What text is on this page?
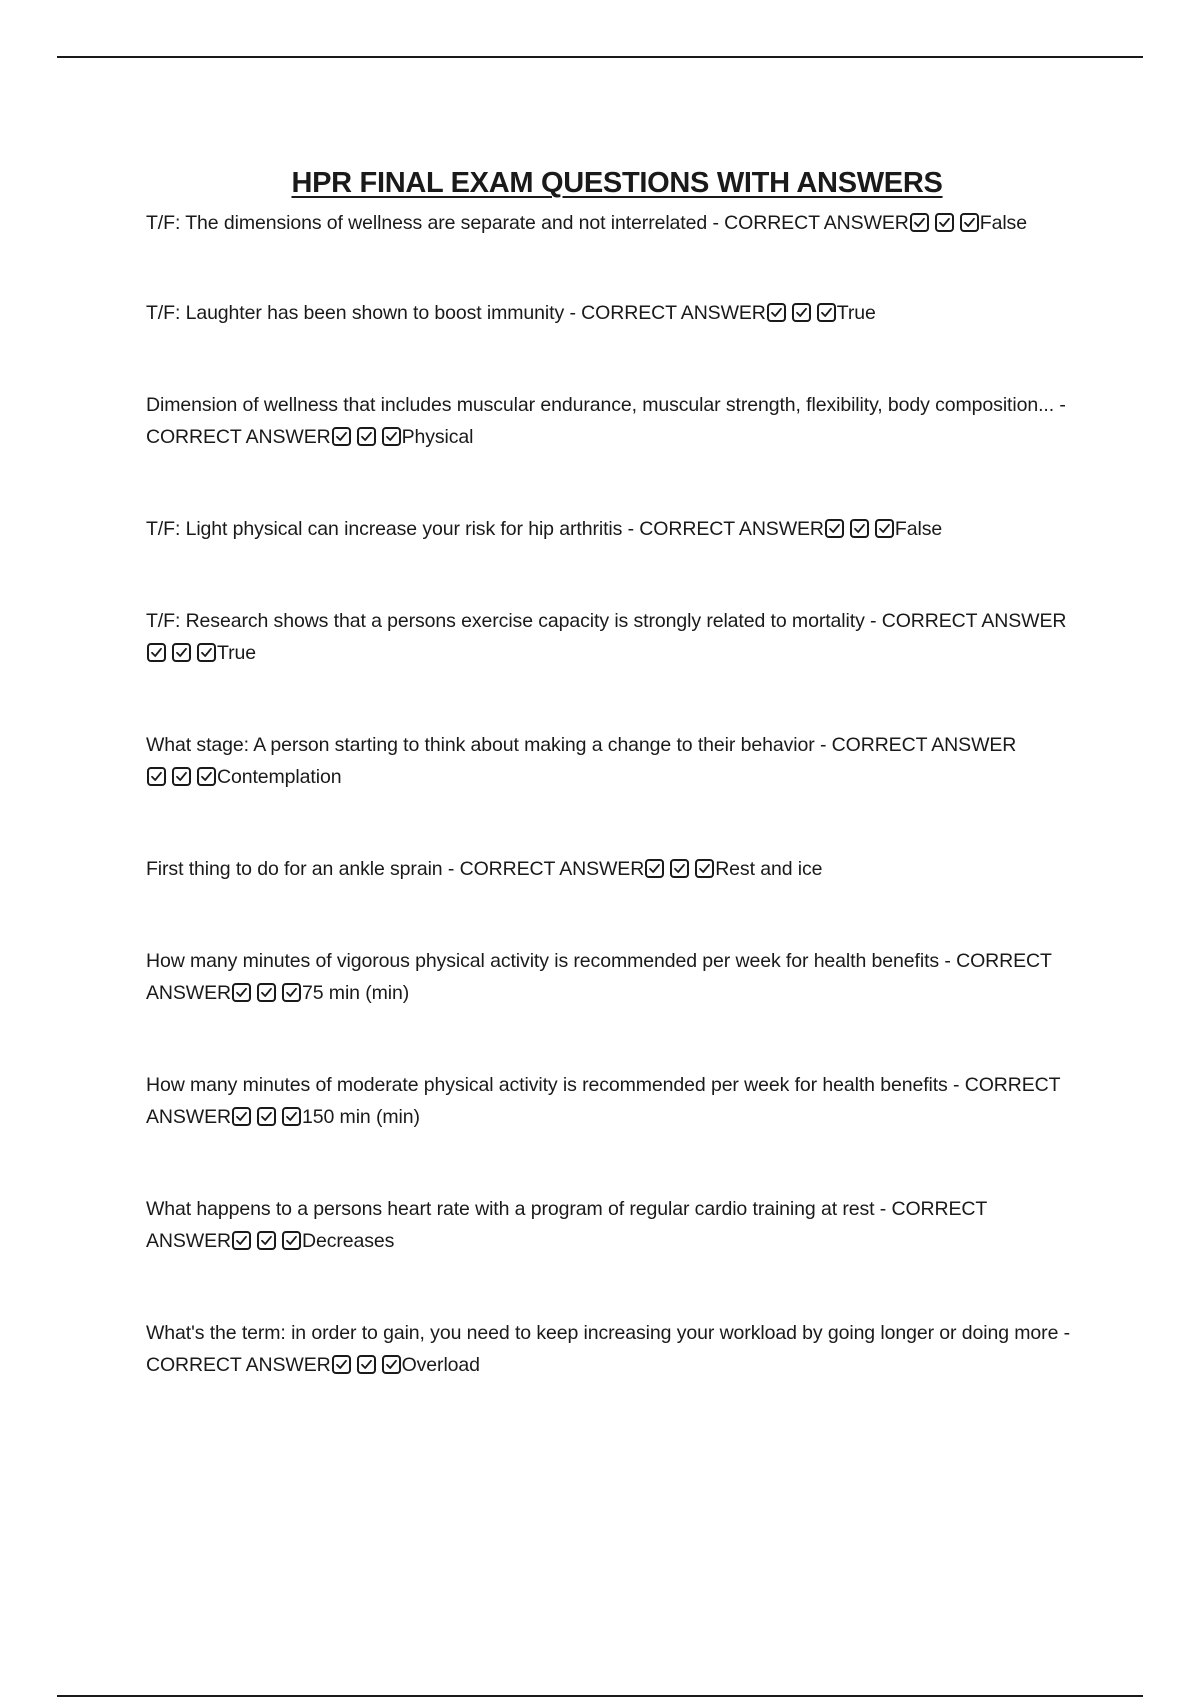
HPR FINAL EXAM QUESTIONS WITH ANSWERS

T/F: The dimensions of wellness are separate and not interrelated - CORRECT ANSWER	False

T/F: Laughter has been shown to boost immunity - CORRECT ANSWER	True

Dimension of wellness that includes muscular endurance, muscular strength, flexibility, body composition... - CORRECT ANSWER	Physical

T/F: Light physical can increase your risk for hip arthritis - CORRECT ANSWER	False

T/F: Research shows that a persons exercise capacity is strongly related to mortality - CORRECT ANSWER
True

What stage: A person starting to think about making a change to their behavior - CORRECT ANSWER
Contemplation

First thing to do for an ankle sprain - CORRECT ANSWER	Rest and ice

How many minutes of vigorous physical activity is recommended per week for health benefits - CORRECT ANSWER	75 min (min)

How many minutes of moderate physical activity is recommended per week for health benefits - CORRECT ANSWER	150 min (min)

What happens to a persons heart rate with a program of regular cardio training at rest - CORRECT ANSWER	Decreases

What's the term: in order to gain, you need to keep increasing your workload by going longer or doing more - CORRECT ANSWER	Overload
